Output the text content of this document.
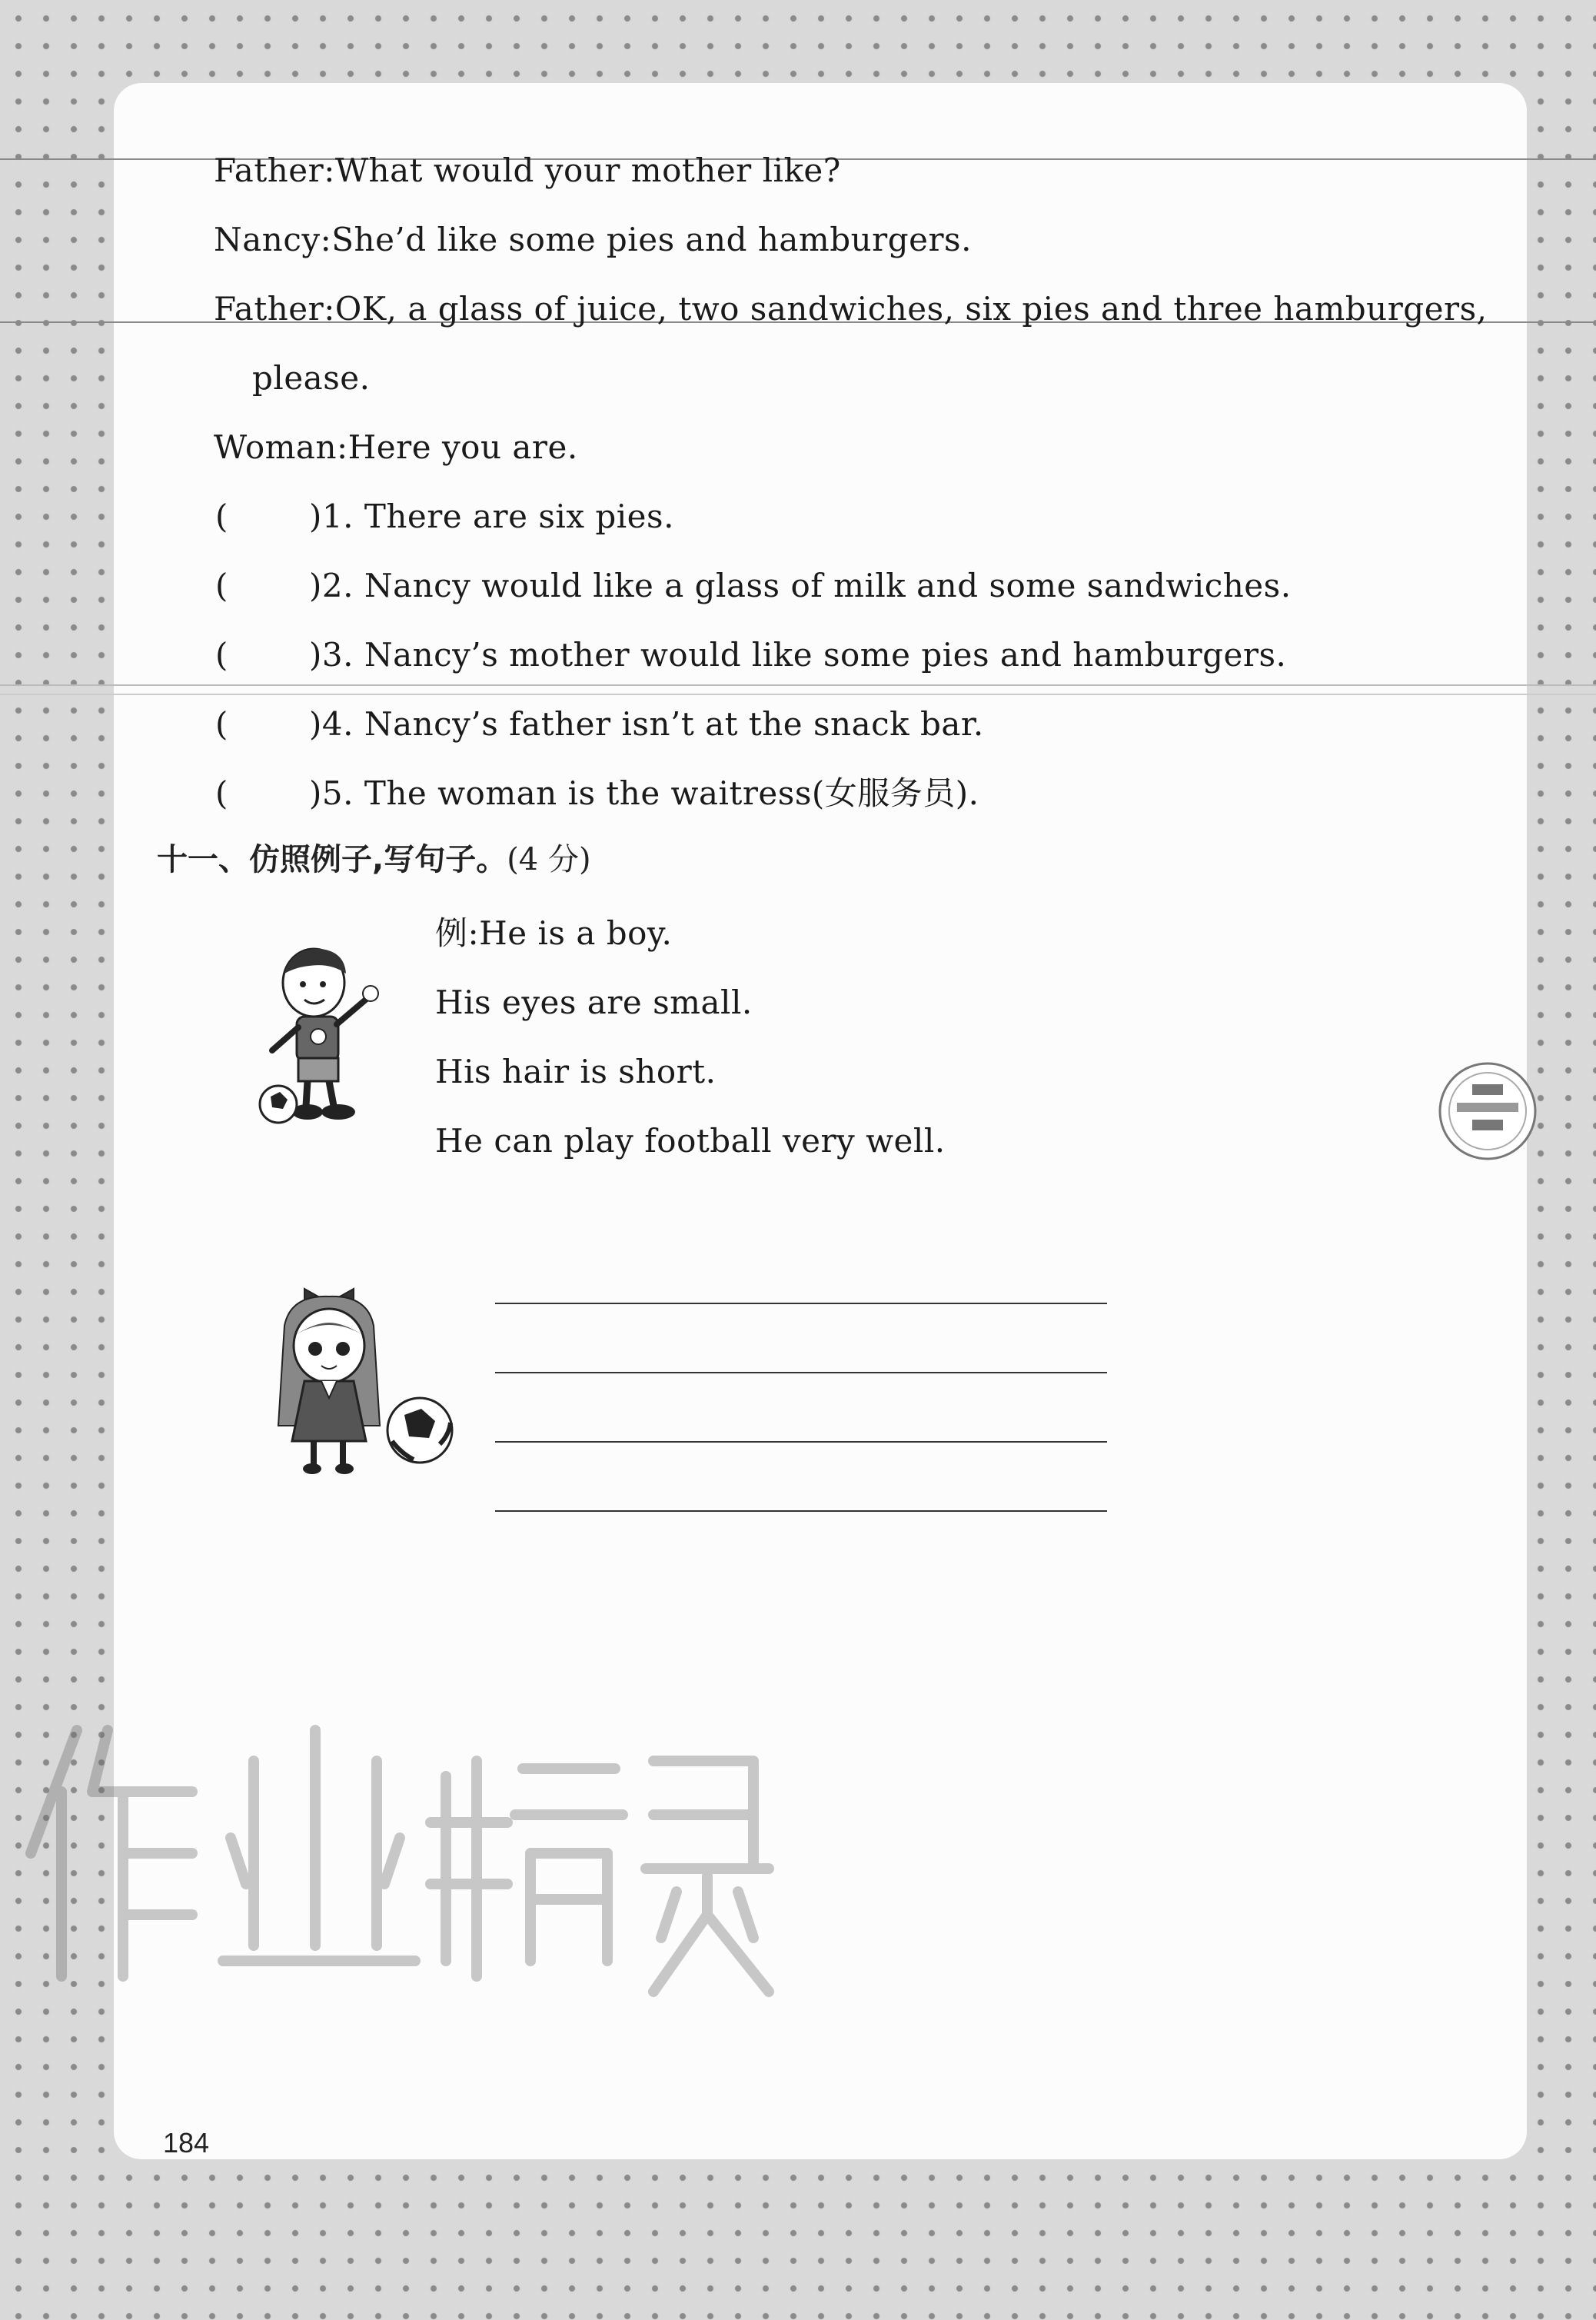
Father:What would your mother like?
Nancy:She’d like some pies and hamburgers.
Father:OK, a glass of juice, two sandwiches, six pies and three hamburgers,
please.
Woman:Here you are.
(	)1. There are six pies.
(	)2. Nancy would like a glass of milk and some sandwiches.
(	)3. Nancy’s mother would like some pies and hamburgers.
(	)4. Nancy’s father isn’t at the snack bar.
(	)5. The woman is the waitress(女服务员).
十一、仿照例子,写句子。(4 分)
例:He is a boy.
His eyes are small.
His hair is short.
He can play football very well.
184
